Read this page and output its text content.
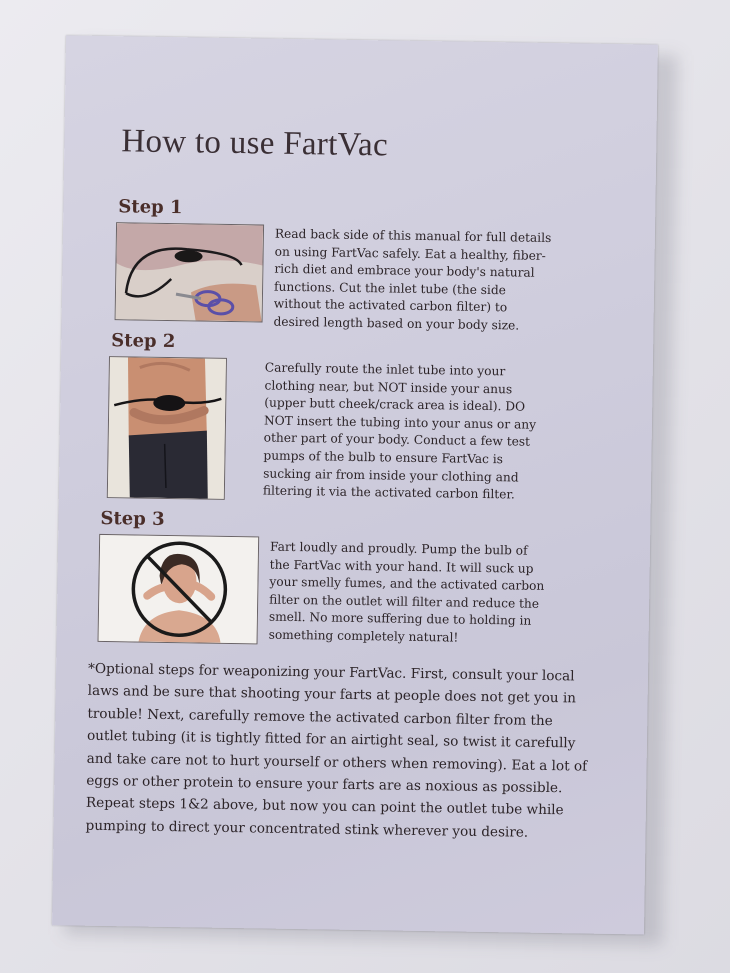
How to use FartVac
Step 1
Read back side of this manual for full details
on using FartVac safely. Eat a healthy, fiber-
rich diet and embrace your body's natural
functions. Cut the inlet tube (the side
without the activated carbon filter) to
desired length based on your body size.
Step 2
Carefully route the inlet tube into your
clothing near, but NOT inside your anus
(upper butt cheek/crack area is ideal). DO
NOT insert the tubing into your anus or any
other part of your body. Conduct a few test
pumps of the bulb to ensure FartVac is
sucking air from inside your clothing and
filtering it via the activated carbon filter.
Step 3
Fart loudly and proudly. Pump the bulb of
the FartVac with your hand. It will suck up
your smelly fumes, and the activated carbon
filter on the outlet will filter and reduce the
smell. No more suffering due to holding in
something completely natural!
*Optional steps for weaponizing your FartVac. First, consult your local
laws and be sure that shooting your farts at people does not get you in
trouble! Next, carefully remove the activated carbon filter from the
outlet tubing (it is tightly fitted for an airtight seal, so twist it carefully
and take care not to hurt yourself or others when removing). Eat a lot of
eggs or other protein to ensure your farts are as noxious as possible.
Repeat steps 1&2 above, but now you can point the outlet tube while
pumping to direct your concentrated stink wherever you desire.
